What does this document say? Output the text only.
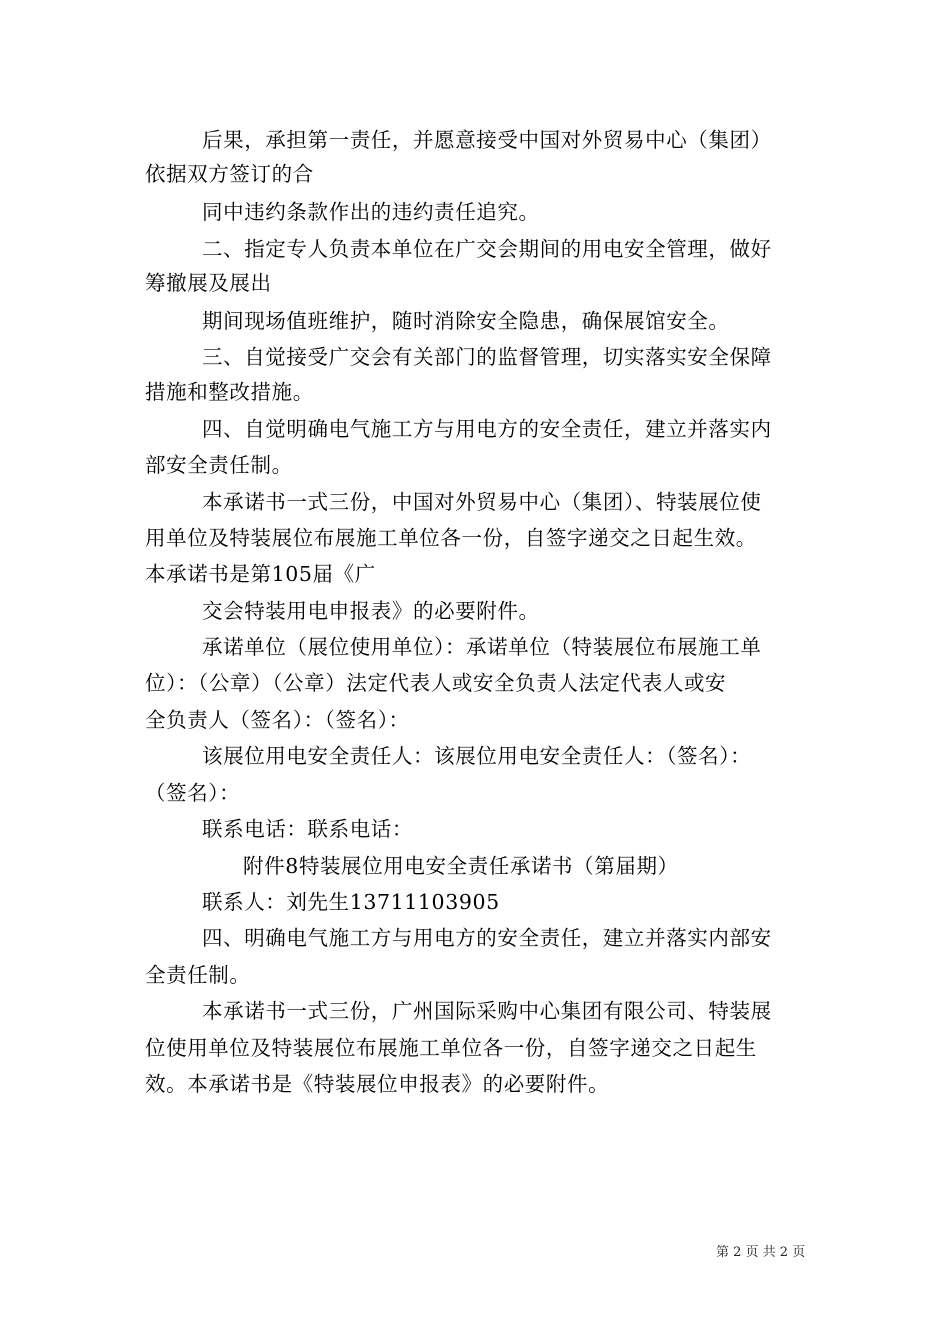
后果，承担第一责任，并愿意接受中国对外贸易中心（集团）
依据双方签订的合
同中违约条款作出的违约责任追究。
二、指定专人负责本单位在广交会期间的用电安全管理，做好
筹撤展及展出
期间现场值班维护，随时消除安全隐患，确保展馆安全。
三、自觉接受广交会有关部门的监督管理，切实落实安全保障
措施和整改措施。
四、自觉明确电气施工方与用电方的安全责任，建立并落实内
部安全责任制。
本承诺书一式三份，中国对外贸易中心（集团）、特装展位使
用单位及特装展位布展施工单位各一份，自签字递交之日起生效。
本承诺书是第105届《广
交会特装用电申报表》的必要附件。
承诺单位（展位使用单位）：承诺单位（特装展位布展施工单
位）：（公章）（公章）法定代表人或安全负责人法定代表人或安
全负责人（签名）：（签名）：
该展位用电安全责任人：该展位用电安全责任人：（签名）：
（签名）：
联系电话：联系电话：
附件8特装展位用电安全责任承诺书（第届期）
联系人：刘先生13711103905
四、明确电气施工方与用电方的安全责任，建立并落实内部安
全责任制。
本承诺书一式三份，广州国际采购中心集团有限公司、特装展
位使用单位及特装展位布展施工单位各一份，自签字递交之日起生
效。本承诺书是《特装展位申报表》的必要附件。
第 2 页 共 2 页
